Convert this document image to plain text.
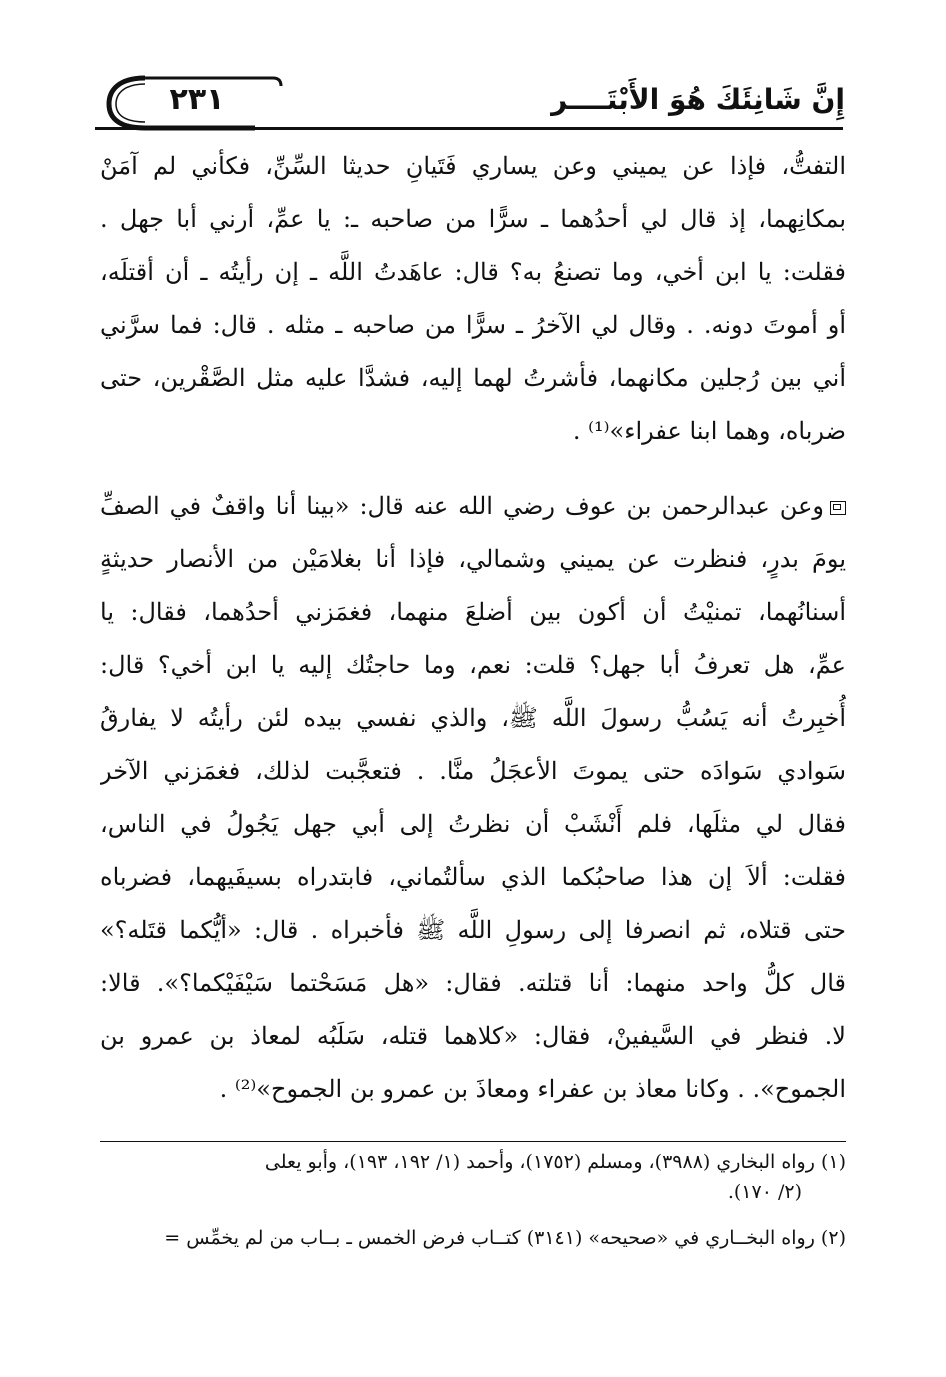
٢٣١	إِنَّ شَانِئَكَ هُوَ الأَبْتَــــر
التفتُّ، فإذا عن يميني وعن يساري فَتَيانِ حديثا السِّنِّ، فكأني لم آمَنْ
بمكانِهما، إذ قال لي أحدُهما ـ سرًّا من صاحبه ـ: يا عمِّ، أرني أبا جهل .
فقلت: يا ابن أخي، وما تصنعُ به؟ قال: عاهَدتُ اللَّه ـ إن رأيتُه ـ أن أقتلَه،
أو أموتَ دونه. . وقال لي الآخرُ ـ سرًّا من صاحبه ـ مثله . قال: فما سرَّني
أني بين رُجلين مكانهما، فأشرتُ لهما إليه، فشدَّا عليه مثل الصَّقْرين، حتى
ضرباه، وهما ابنا عفراء»⁽¹⁾ .
وعن عبدالرحمن بن عوف رضي الله عنه قال: «بينا أنا واقفٌ في الصفِّ
يومَ بدرٍ، فنظرت عن يميني وشمالي، فإذا أنا بغلامَيْن من الأنصار حديثةٍ
أسنانُهما، تمنيْتُ أن أكون بين أضلعَ منهما، فغمَزني أحدُهما، فقال: يا
عمِّ، هل تعرفُ أبا جهل؟ قلت: نعم، وما حاجتُك إليه يا ابن أخي؟ قال:
أُخبِرتُ أنه يَسُبُّ رسولَ اللَّه ﷺ، والذي نفسي بيده لئن رأيتُه لا يفارقُ
سَوادي سَوادَه حتى يموتَ الأعجَلُ منَّا. . فتعجَّبت لذلك، فغمَزني الآخر
فقال لي مثلَها، فلم أَنْشَبْ أن نظرتُ إلى أبي جهل يَجُولُ في الناس،
فقلت: ألاَ إن هذا صاحبُكما الذي سألتُماني، فابتدراه بسيفَيهما، فضرباه
حتى قتلاه، ثم انصرفا إلى رسولِ اللَّه ﷺ فأخبراه . قال: «أيُّكما قتَله؟»
قال كلُّ واحد منهما: أنا قتلته. فقال: «هل مَسَحْتما سَيْفَيْكما؟». قالا:
لا. فنظر في السَّيفينْ، فقال: «كلاهما قتله، سَلَبُه لمعاذ بن عمرو بن
الجموح». . وكانا معاذ بن عفراء ومعاذَ بن عمرو بن الجموح»⁽²⁾ .
(١) رواه البخاري (٣٩٨٨)، ومسلم (١٧٥٢)، وأحمد (١/ ١٩٢، ١٩٣)، وأبو يعلى
(٢/ ١٧٠).
(٢) رواه البخــاري في «صحيحه» (٣١٤١) كتــاب فرض الخمس ـ بــاب من لم يخمِّس =
